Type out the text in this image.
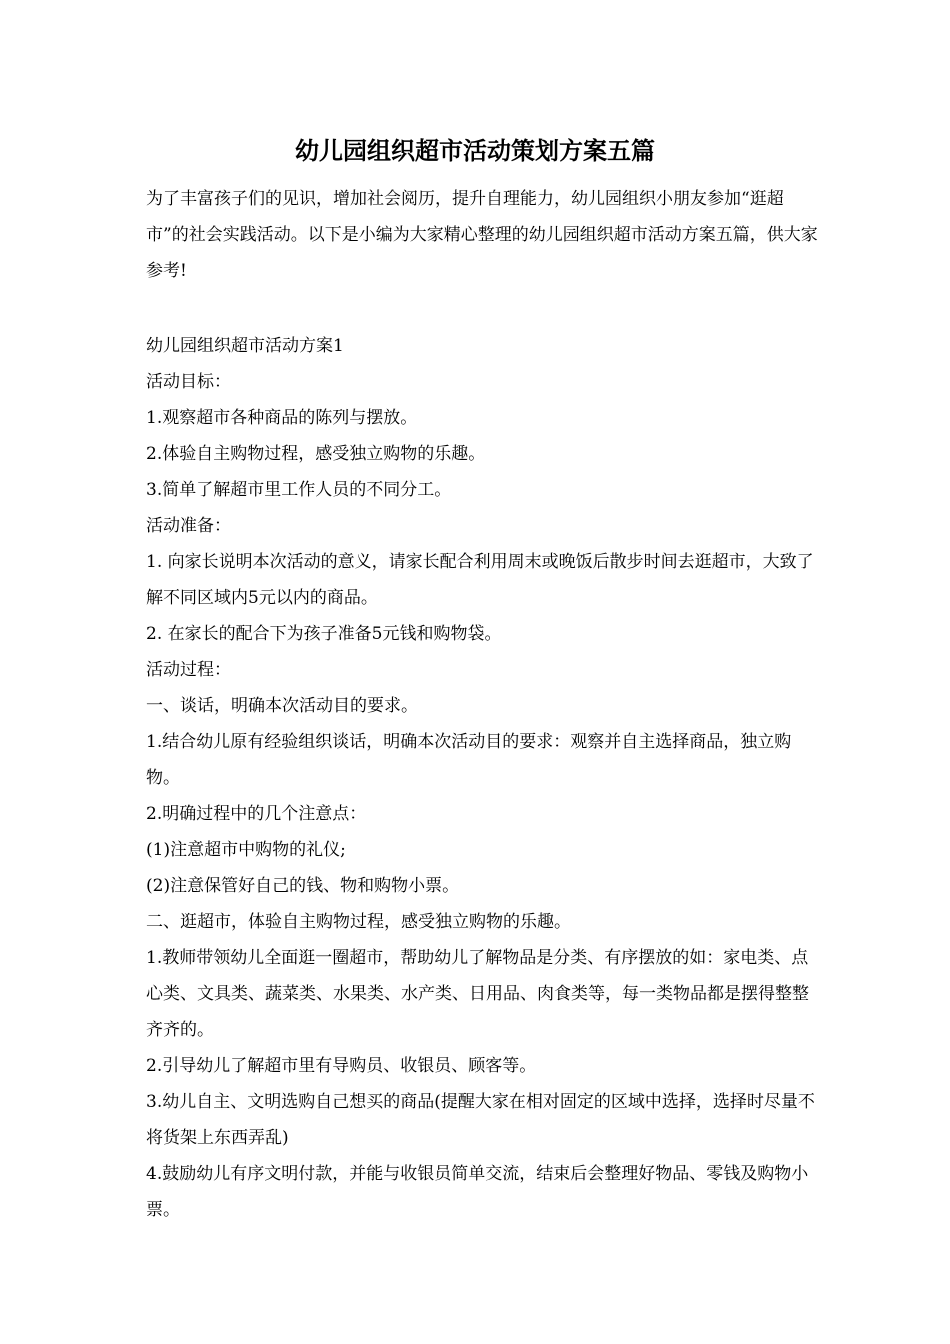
幼儿园组织超市活动策划方案五篇

为了丰富孩子们的见识，增加社会阅历，提升自理能力，幼儿园组织小朋友参加“逛超市”的社会实践活动。以下是小编为大家精心整理的幼儿园组织超市活动方案五篇，供大家参考!

幼儿园组织超市活动方案1

活动目标：

1.观察超市各种商品的陈列与摆放。

2.体验自主购物过程，感受独立购物的乐趣。

3.简单了解超市里工作人员的不同分工。

活动准备：

1. 向家长说明本次活动的意义，请家长配合利用周末或晚饭后散步时间去逛超市，大致了解不同区域内5元以内的商品。

2. 在家长的配合下为孩子准备5元钱和购物袋。

活动过程：

一、谈话，明确本次活动目的要求。

1.结合幼儿原有经验组织谈话，明确本次活动目的要求：观察并自主选择商品，独立购物。

2.明确过程中的几个注意点：

(1)注意超市中购物的礼仪;

(2)注意保管好自己的钱、物和购物小票。

二、逛超市，体验自主购物过程，感受独立购物的乐趣。

1.教师带领幼儿全面逛一圈超市，帮助幼儿了解物品是分类、有序摆放的如：家电类、点心类、文具类、蔬菜类、水果类、水产类、日用品、肉食类等，每一类物品都是摆得整整齐齐的。

2.引导幼儿了解超市里有导购员、收银员、顾客等。

3.幼儿自主、文明选购自己想买的商品(提醒大家在相对固定的区域中选择，选择时尽量不将货架上东西弄乱)

4.鼓励幼儿有序文明付款，并能与收银员简单交流，结束后会整理好物品、零钱及购物小票。
